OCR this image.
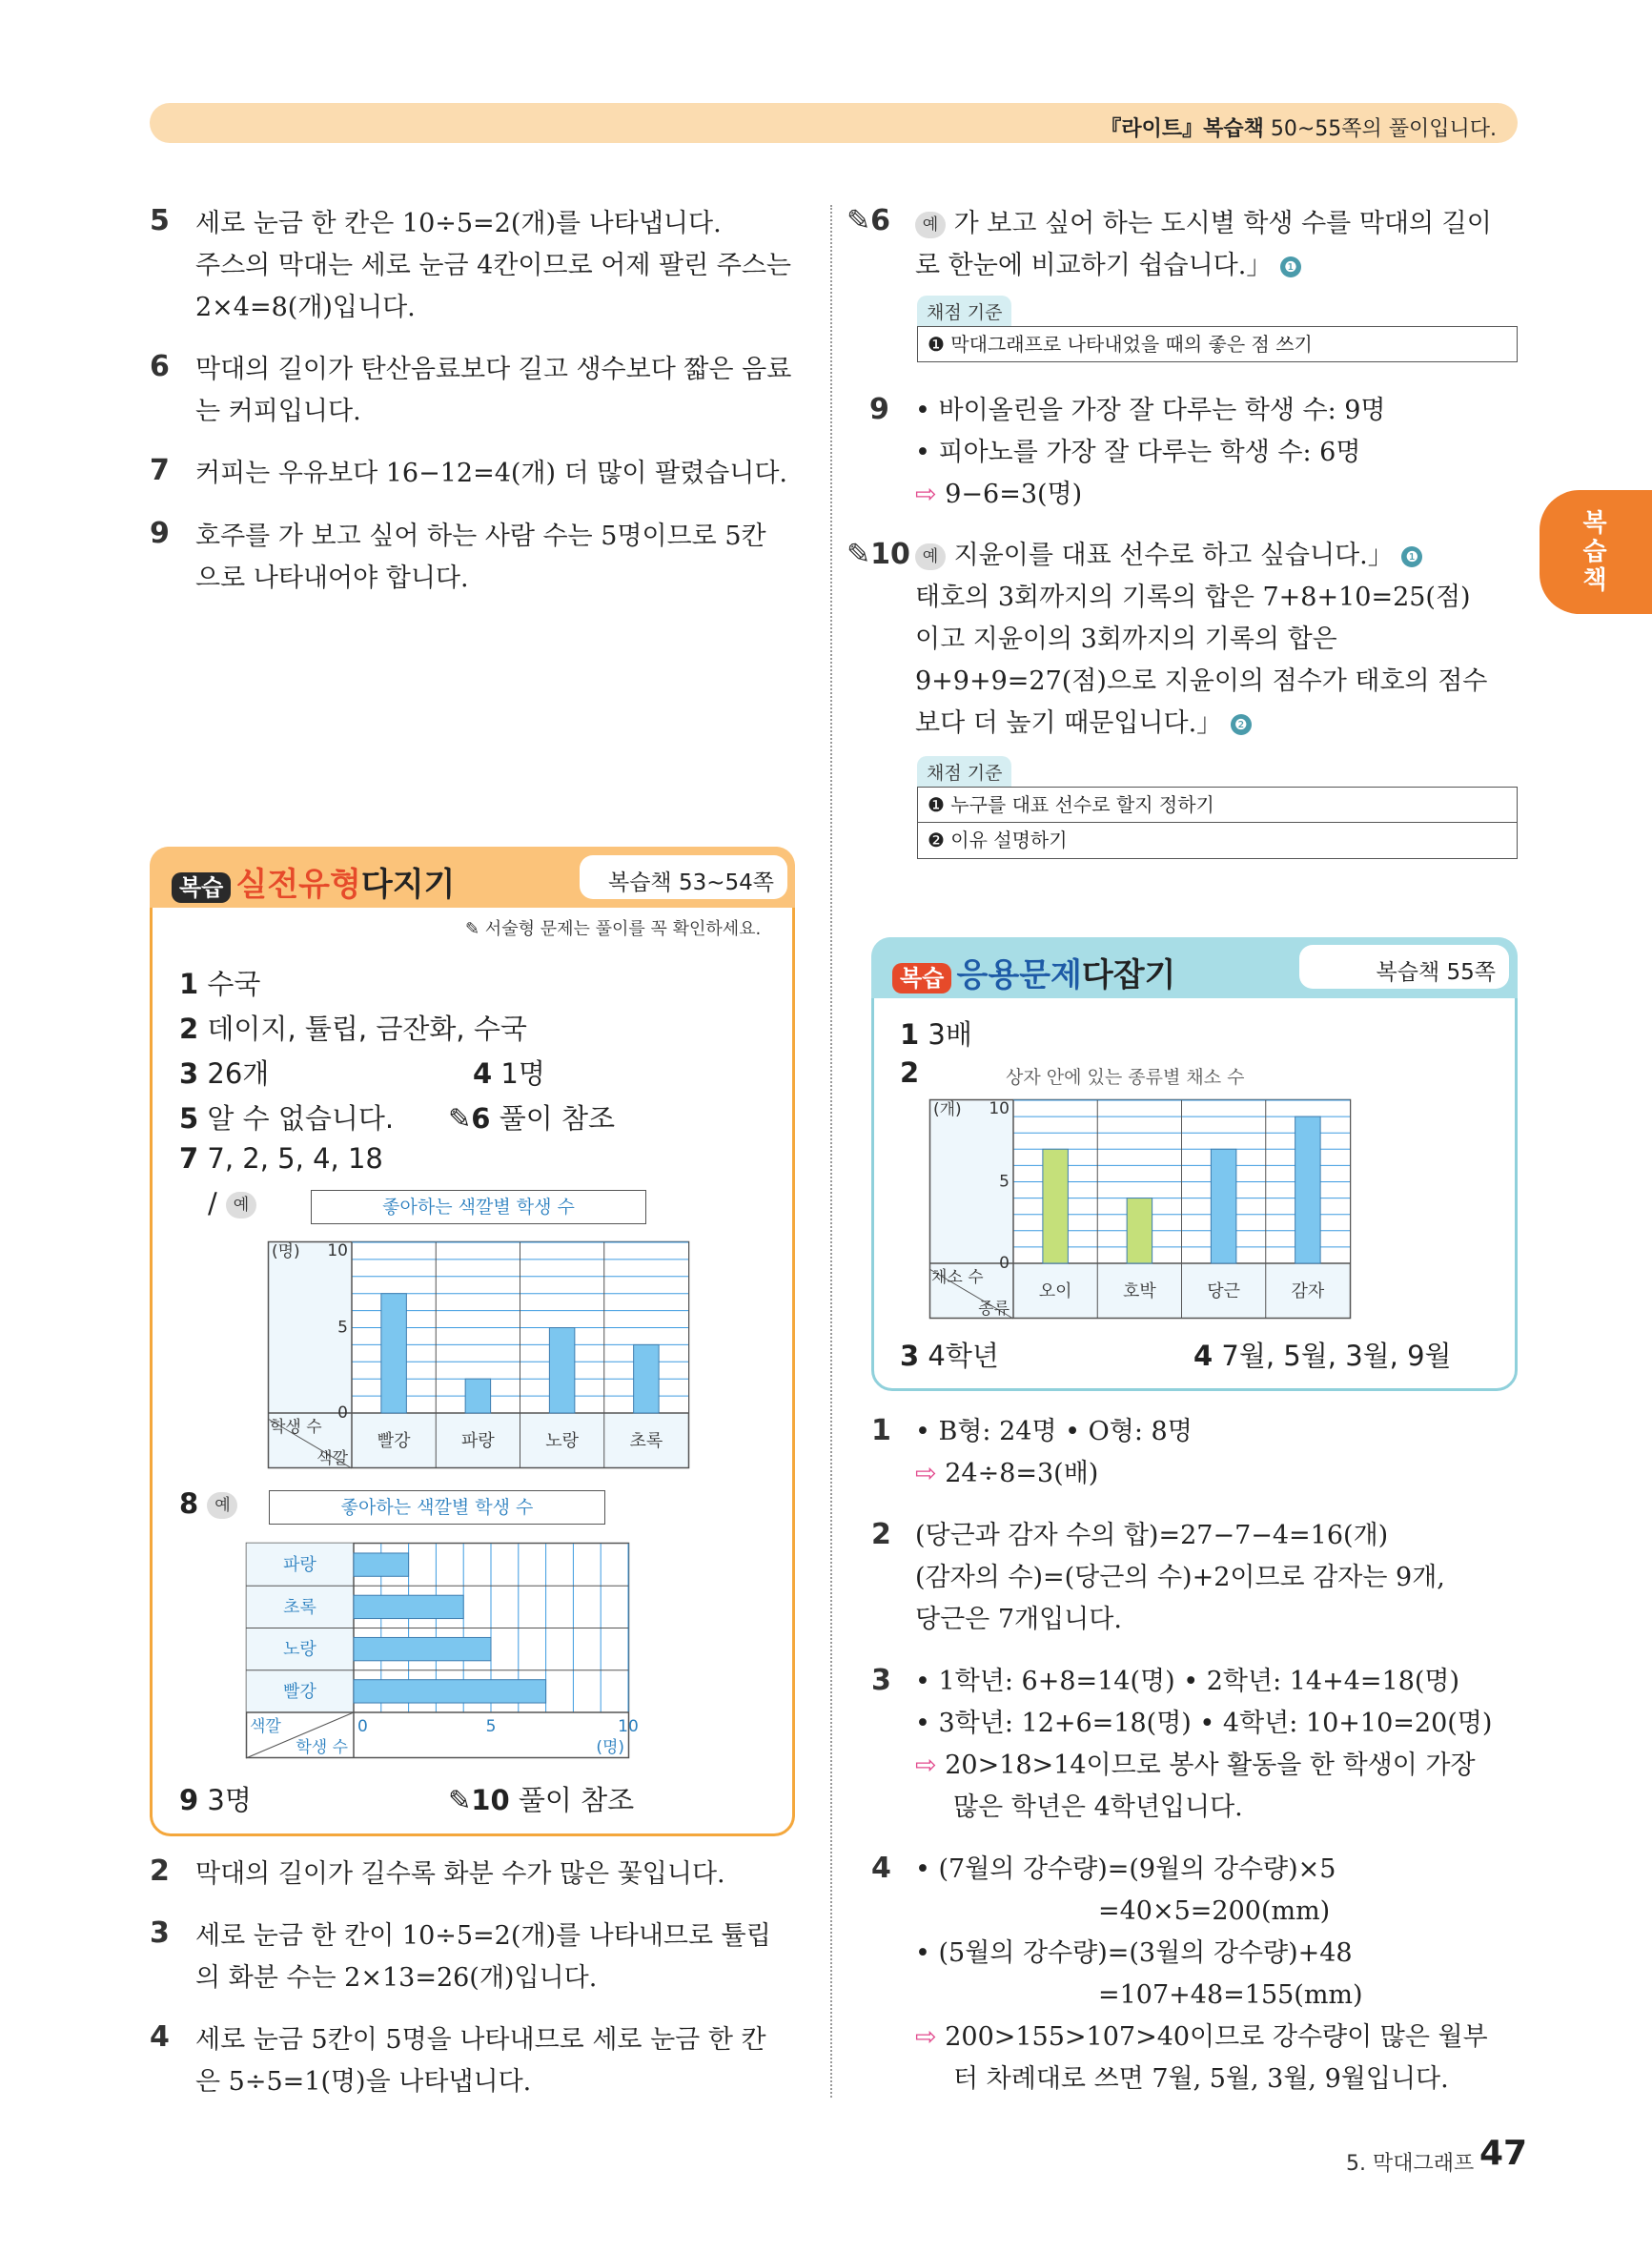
『라이트』복습책 50~55쪽의 풀이입니다.
복
습
책
5	세로 눈금 한 칸은 10÷5=2(개)를 나타냅니다.
주스의 막대는 세로 눈금 4칸이므로 어제 팔린 주스는
2×4=8(개)입니다.
6	막대의 길이가 탄산음료보다 길고 생수보다 짧은 음료
는 커피입니다.
7	커피는 우유보다 16−12=4(개) 더 많이 팔렸습니다.
9	호주를 가 보고 싶어 하는 사람 수는 5명이므로 5칸
으로 나타내어야 합니다.
✎6	예 가 보고 싶어 하는 도시별 학생 수를 막대의 길이
로 한눈에 비교하기 쉽습니다.」 ❶
채점 기준
❶ 막대그래프로 나타내었을 때의 좋은 점 쓰기
9	• 바이올린을 가장 잘 다루는 학생 수: 9명
• 피아노를 가장 잘 다루는 학생 수: 6명
⇨ 9−6=3(명)
✎10 예 지윤이를 대표 선수로 하고 싶습니다.」 ❶
태호의 3회까지의 기록의 합은 7+8+10=25(점)
이고 지윤이의 3회까지의 기록의 합은
9+9+9=27(점)으로 지윤이의 점수가 태호의 점수
보다 더 높기 때문입니다.」 ❷
채점 기준
❶ 누구를 대표 선수로 할지 정하기
❷ 이유 설명하기
복습 실전유형다지기	복습책 53~54쪽
✎ 서술형 문제는 풀이를 꼭 확인하세요.
1 수국
2 데이지, 튤립, 금잔화, 수국
3 26개	4 1명
5 알 수 없습니다. ✎6 풀이 참조
7 7, 2, 5, 4, 18
/ 예	좋아하는 색깔별 학생 수
(명) 10
5
0
학생 수
색깔
빨강	파랑	노랑	초록
8 예	좋아하는 색깔별 학생 수
색깔
학생 수
0	5	10
(명)
파랑
초록
노랑
빨강
9 3명	✎10 풀이 참조
2	막대의 길이가 길수록 화분 수가 많은 꽃입니다.
3	세로 눈금 한 칸이 10÷5=2(개)를 나타내므로 튤립
의 화분 수는 2×13=26(개)입니다.
4	세로 눈금 5칸이 5명을 나타내므로 세로 눈금 한 칸
은 5÷5=1(명)을 나타냅니다.
복습 응용문제다잡기	복습책 55쪽
1 3배
2	상자 안에 있는 종류별 채소 수
(개) 10
5
0
채소 수
종류
오이	호박	당근	감자
3 4학년	4 7월, 5월, 3월, 9월
1 • B형: 24명 • O형: 8명
⇨ 24÷8=3(배)
2 (당근과 감자 수의 합)=27−7−4=16(개)
(감자의 수)=(당근의 수)+2이므로 감자는 9개,
당근은 7개입니다.
3 • 1학년: 6+8=14(명) • 2학년: 14+4=18(명)
• 3학년: 12+6=18(명) • 4학년: 10+10=20(명)
⇨ 20>18>14이므로 봉사 활동을 한 학생이 가장
많은 학년은 4학년입니다.
4 • (7월의 강수량)=(9월의 강수량)×5
=40×5=200(mm)
• (5월의 강수량)=(3월의 강수량)+48
=107+48=155(mm)
⇨ 200>155>107>40이므로 강수량이 많은 월부
터 차례대로 쓰면 7월, 5월, 3월, 9월입니다.
5. 막대그래프 47
